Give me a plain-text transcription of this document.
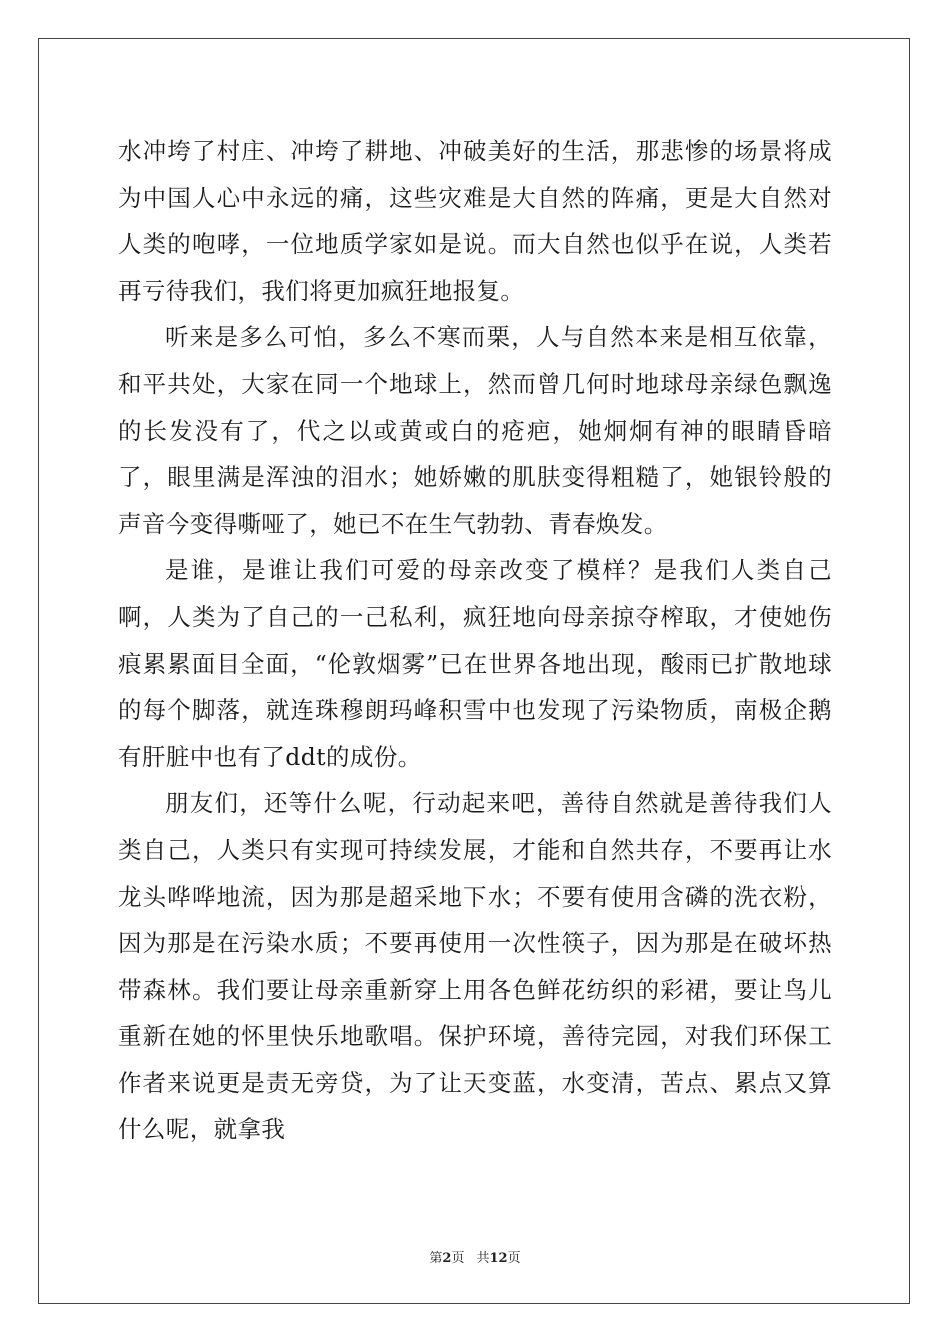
水冲垮了村庄、冲垮了耕地、冲破美好的生活，那悲惨的场景将成为中国人心中永远的痛，这些灾难是大自然的阵痛，更是大自然对人类的咆哮，一位地质学家如是说。而大自然也似乎在说，人类若再亏待我们，我们将更加疯狂地报复。

听来是多么可怕，多么不寒而栗，人与自然本来是相互依靠，和平共处，大家在同一个地球上，然而曾几何时地球母亲绿色飘逸的长发没有了，代之以或黄或白的疮疤，她炯炯有神的眼睛昏暗了，眼里满是浑浊的泪水；她娇嫩的肌肤变得粗糙了，她银铃般的声音今变得嘶哑了，她已不在生气勃勃、青春焕发。

是谁，是谁让我们可爱的母亲改变了模样？是我们人类自己啊，人类为了自己的一己私利，疯狂地向母亲掠夺榨取，才使她伤痕累累面目全面，“伦敦烟雾”已在世界各地出现，酸雨已扩散地球的每个脚落，就连珠穆朗玛峰积雪中也发现了污染物质，南极企鹅有肝脏中也有了ddt的成份。

朋友们，还等什么呢，行动起来吧，善待自然就是善待我们人类自己，人类只有实现可持续发展，才能和自然共存，不要再让水龙头哗哗地流，因为那是超采地下水；不要有使用含磷的洗衣粉，因为那是在污染水质；不要再使用一次性筷子，因为那是在破坏热带森林。我们要让母亲重新穿上用各色鲜花纺织的彩裙，要让鸟儿重新在她的怀里快乐地歌唱。保护环境，善待完园，对我们环保工作者来说更是责无旁贷，为了让天变蓝，水变清，苦点、累点又算什么呢，就拿我

第2页 共12页
